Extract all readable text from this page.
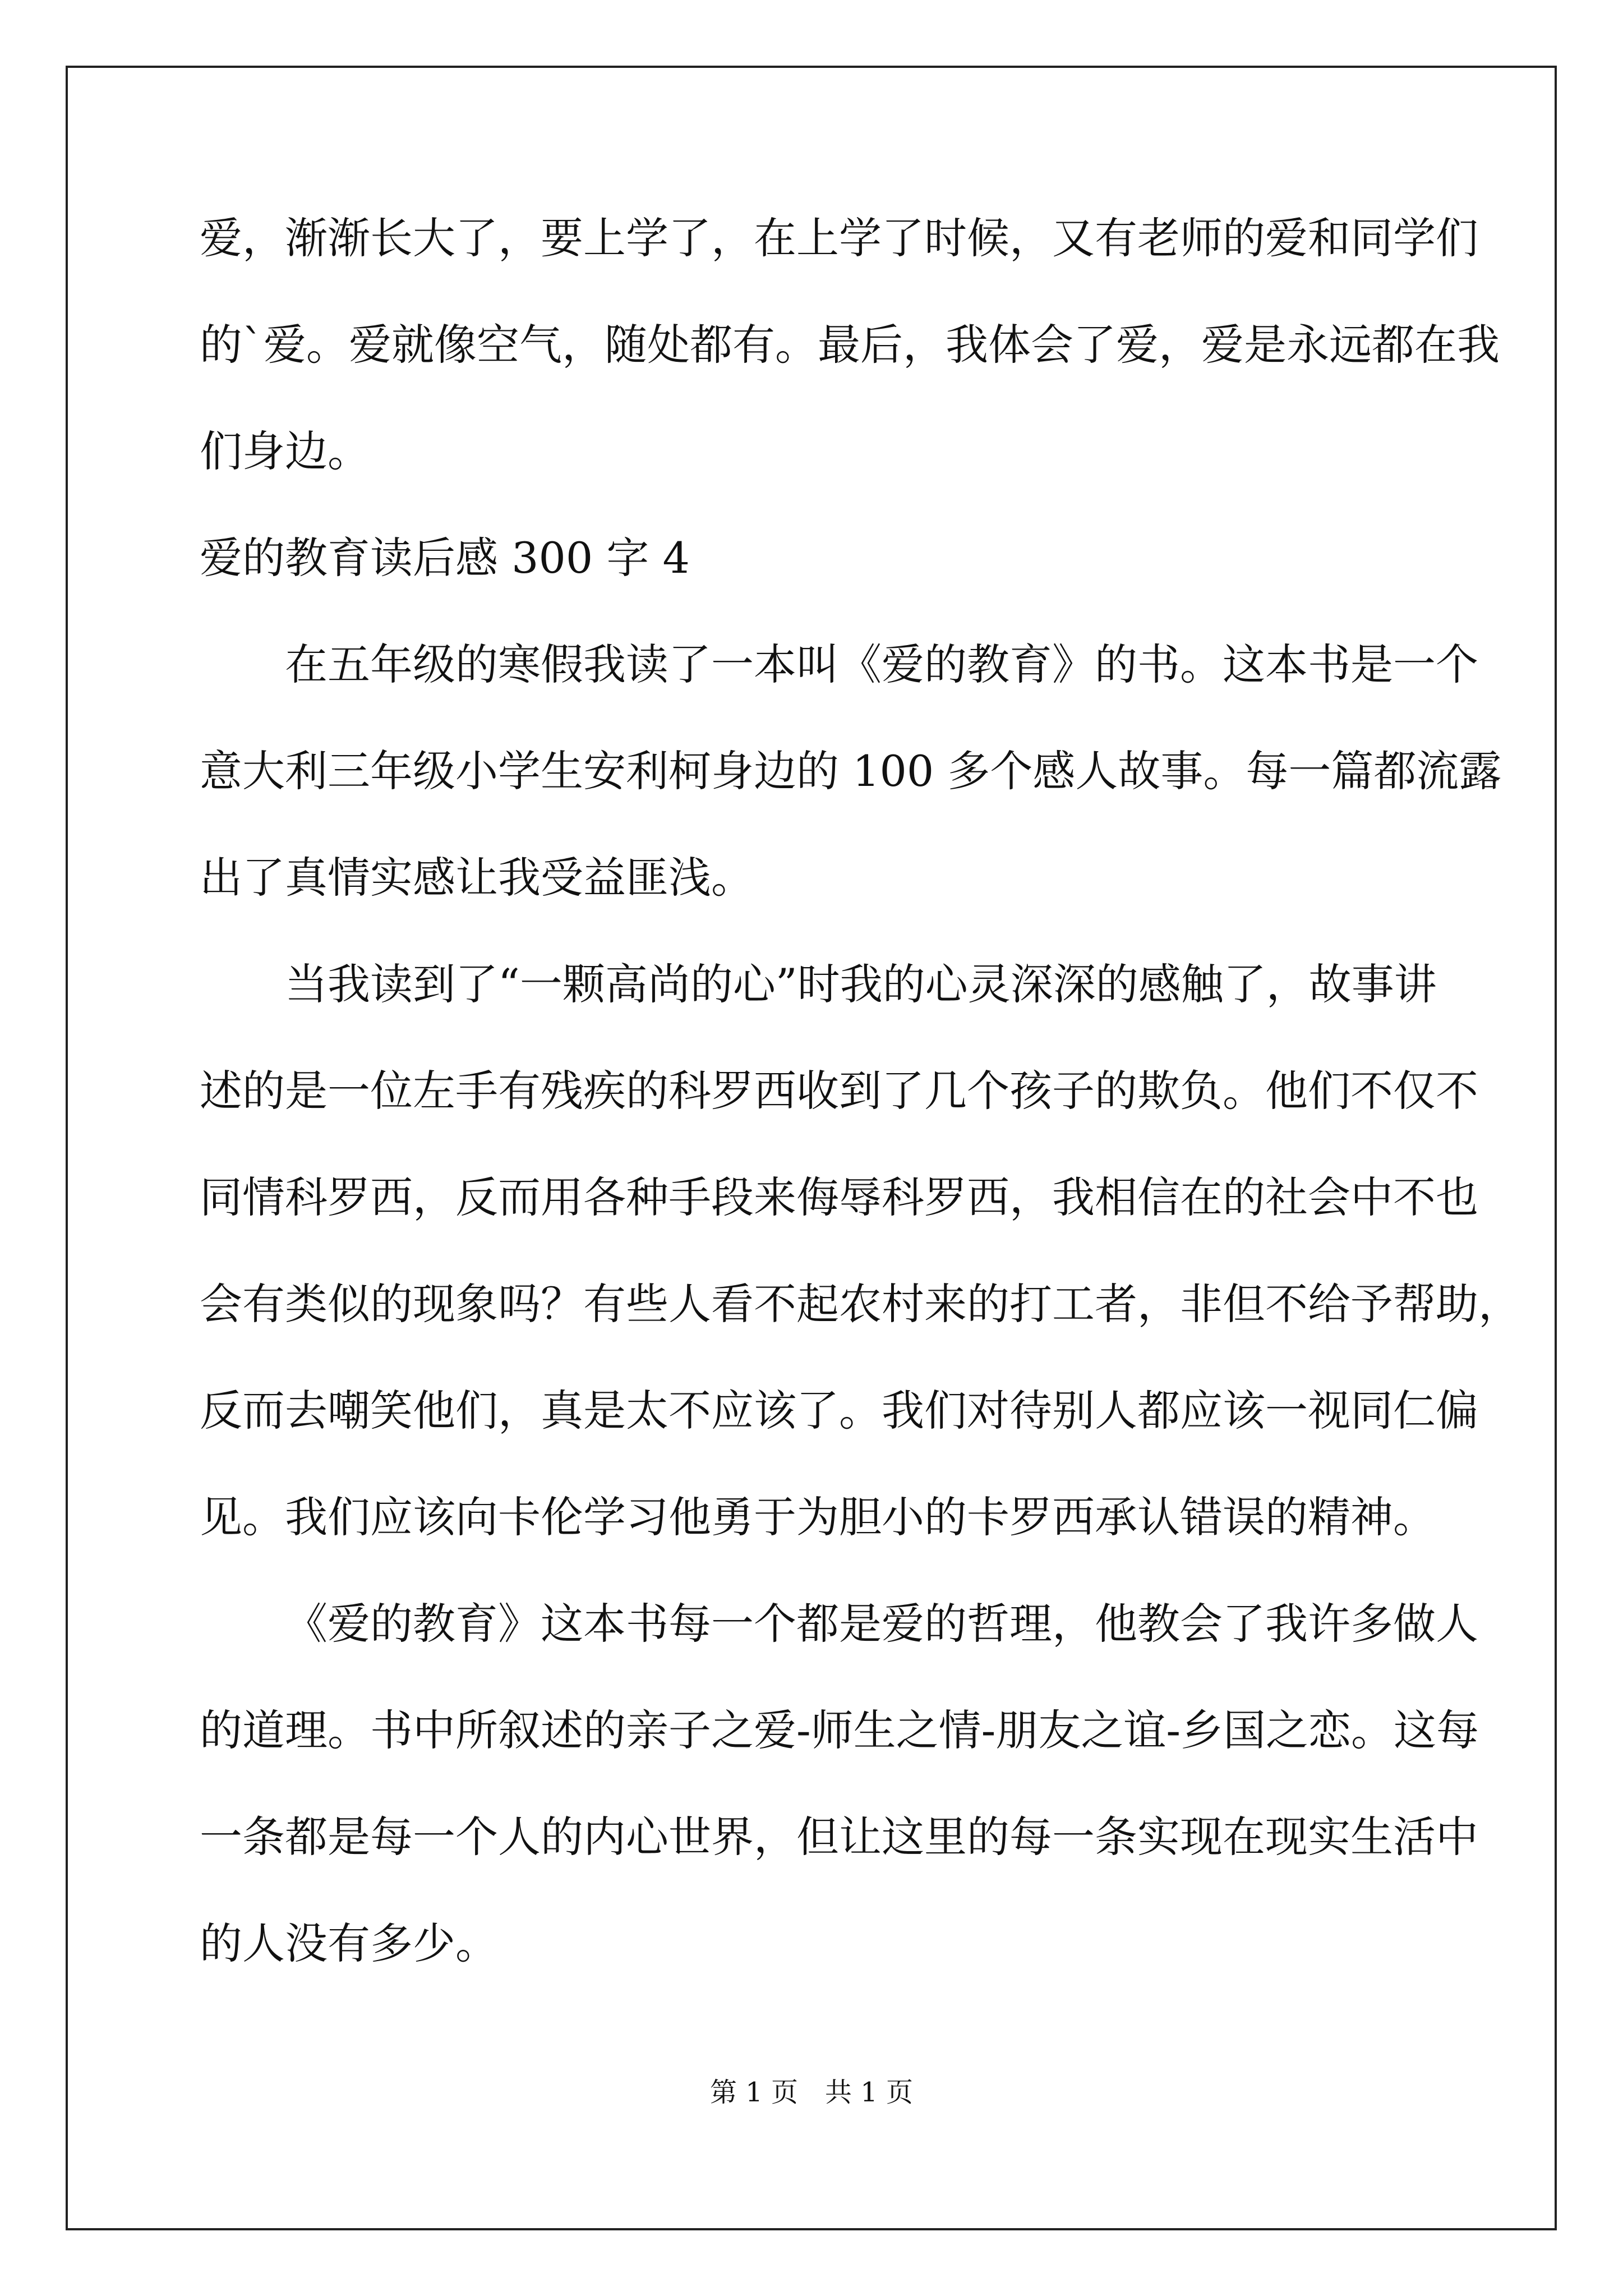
爱，渐渐长大了，要上学了，在上学了时候，又有老师的爱和同学们
的`爱。爱就像空气，随处都有。最后，我体会了爱，爱是永远都在我
们身边。
爱的教育读后感 300 字 4
在五年级的寒假我读了一本叫《爱的教育》的书。这本书是一个
意大利三年级小学生安利柯身边的 100 多个感人故事。每一篇都流露
出了真情实感让我受益匪浅。
当我读到了“一颗高尚的心”时我的心灵深深的感触了，故事讲
述的是一位左手有残疾的科罗西收到了几个孩子的欺负。他们不仅不
同情科罗西，反而用各种手段来侮辱科罗西，我相信在的社会中不也
会有类似的现象吗？有些人看不起农村来的打工者，非但不给予帮助，
反而去嘲笑他们，真是太不应该了。我们对待别人都应该一视同仁偏
见。我们应该向卡伦学习他勇于为胆小的卡罗西承认错误的精神。
《爱的教育》这本书每一个都是爱的哲理，他教会了我许多做人
的道理。书中所叙述的亲子之爱-师生之情-朋友之谊-乡国之恋。这每
一条都是每一个人的内心世界，但让这里的每一条实现在现实生活中
的人没有多少。
第 1 页 共 1 页
